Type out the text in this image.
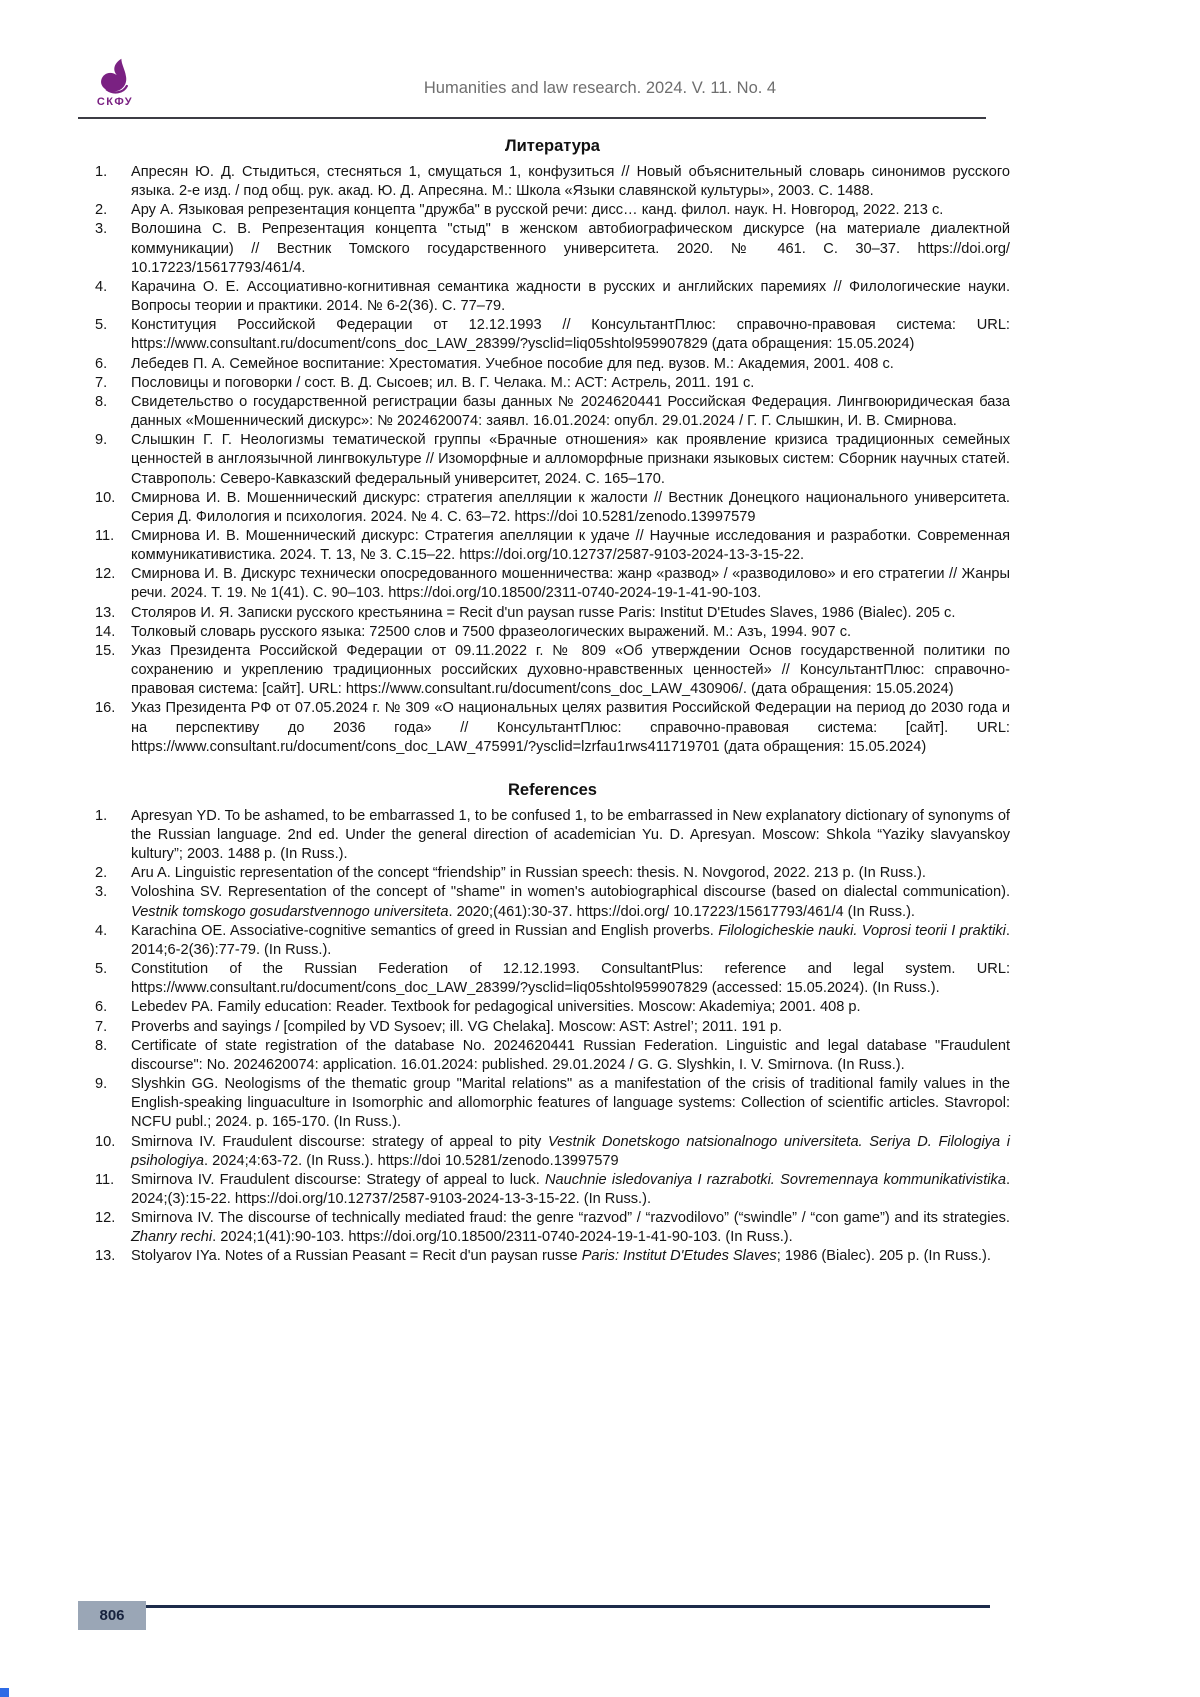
СКФУ
Humanities and law research. 2024. V. 11. No. 4
Литература
1. Апресян Ю. Д. Стыдиться, стесняться 1, смущаться 1, конфузиться // Новый объяснительный словарь синонимов русского языка. 2-е изд. / под общ. рук. акад. Ю. Д. Апресяна. М.: Школа «Языки славянской культуры», 2003. С. 1488.
2. Ару А. Языковая репрезентация концепта "дружба" в русской речи: дисс… канд. филол. наук. Н. Новгород, 2022. 213 с.
3. Волошина С. В. Репрезентация концепта "стыд" в женском автобиографическом дискурсе (на материале диалектной коммуникации) // Вестник Томского государственного университета. 2020. № 461. С. 30–37. https://doi.org/ 10.17223/15617793/461/4.
4. Карачина О. Е. Ассоциативно-когнитивная семантика жадности в русских и английских паремиях // Филологические науки. Вопросы теории и практики. 2014. № 6-2(36). С. 77–79.
5. Конституция Российской Федерации от 12.12.1993 // КонсультантПлюс: справочно-правовая система: URL: https://www.consultant.ru/document/cons_doc_LAW_28399/?ysclid=liq05shtol959907829 (дата обращения: 15.05.2024)
6. Лебедев П. А. Семейное воспитание: Хрестоматия. Учебное пособие для пед. вузов. М.: Академия, 2001. 408 с.
7. Пословицы и поговорки / сост. В. Д. Сысоев; ил. В. Г. Челака. М.: АСТ: Астрель, 2011. 191 с.
8. Свидетельство о государственной регистрации базы данных № 2024620441 Российская Федерация. Лингвоюридическая база данных «Мошеннический дискурс»: № 2024620074: заявл. 16.01.2024: опубл. 29.01.2024 / Г. Г. Слышкин, И. В. Смирнова.
9. Слышкин Г. Г. Неологизмы тематической группы «Брачные отношения» как проявление кризиса традиционных семейных ценностей в англоязычной лингвокультуре // Изоморфные и алломорфные признаки языковых систем: Сборник научных статей. Ставрополь: Северо-Кавказский федеральный университет, 2024. С. 165–170.
10. Смирнова И. В. Мошеннический дискурс: стратегия апелляции к жалости // Вестник Донецкого национального университета. Серия Д. Филология и психология. 2024. № 4. С. 63–72. https://doi 10.5281/zenodo.13997579
11. Смирнова И. В. Мошеннический дискурс: Стратегия апелляции к удаче // Научные исследования и разработки. Современная коммуникативистика. 2024. Т. 13, № 3. С.15–22. https://doi.org/10.12737/2587-9103-2024-13-3-15-22.
12. Смирнова И. В. Дискурс технически опосредованного мошенничества: жанр «развод» / «разводилово» и его стратегии // Жанры речи. 2024. Т. 19. № 1(41). С. 90–103. https://doi.org/10.18500/2311-0740-2024-19-1-41-90-103.
13. Столяров И. Я. Записки русского крестьянина = Recit d'un paysan russe Paris: Institut D'Etudes Slaves, 1986 (Bialec). 205 с.
14. Толковый словарь русского языка: 72500 слов и 7500 фразеологических выражений. М.: Азъ, 1994. 907 с.
15. Указ Президента Российской Федерации от 09.11.2022 г. № 809 «Об утверждении Основ государственной политики по сохранению и укреплению традиционных российских духовно-нравственных ценностей» // КонсультантПлюс: справочно-правовая система: [сайт]. URL: https://www.consultant.ru/document/cons_doc_LAW_430906/. (дата обращения: 15.05.2024)
16. Указ Президента РФ от 07.05.2024 г. № 309 «О национальных целях развития Российской Федерации на период до 2030 года и на перспективу до 2036 года» // КонсультантПлюс: справочно-правовая система: [сайт]. URL: https://www.consultant.ru/document/cons_doc_LAW_475991/?ysclid=lzrfau1rws411719701 (дата обращения: 15.05.2024)
References
1. Apresyan YD. To be ashamed, to be embarrassed 1, to be confused 1, to be embarrassed in New explanatory dictionary of synonyms of the Russian language. 2nd ed. Under the general direction of academician Yu. D. Apresyan. Moscow: Shkola “Yaziky slavyanskoy kultury”; 2003. 1488 p. (In Russ.).
2. Aru A. Linguistic representation of the concept “friendship” in Russian speech: thesis. N. Novgorod, 2022. 213 p. (In Russ.).
3. Voloshina SV. Representation of the concept of "shame" in women's autobiographical discourse (based on dialectal communication). Vestnik tomskogo gosudarstvennogo universiteta. 2020;(461):30-37. https://doi.org/ 10.17223/15617793/461/4 (In Russ.).
4. Karachina OE. Associative-cognitive semantics of greed in Russian and English proverbs. Filologicheskie nauki. Voprosi teorii I praktiki. 2014;6-2(36):77-79. (In Russ.).
5. Constitution of the Russian Federation of 12.12.1993. ConsultantPlus: reference and legal system. URL: https://www.consultant.ru/document/cons_doc_LAW_28399/?ysclid=liq05shtol959907829 (accessed: 15.05.2024). (In Russ.).
6. Lebedev PA. Family education: Reader. Textbook for pedagogical universities. Moscow: Akademiya; 2001. 408 p.
7. Proverbs and sayings / [compiled by VD Sysoev; ill. VG Chelaka]. Moscow: AST: Astrel’; 2011. 191 p.
8. Certificate of state registration of the database No. 2024620441 Russian Federation. Linguistic and legal database "Fraudulent discourse": No. 2024620074: application. 16.01.2024: published. 29.01.2024 / G. G. Slyshkin, I. V. Smirnova. (In Russ.).
9. Slyshkin GG. Neologisms of the thematic group "Marital relations" as a manifestation of the crisis of traditional family values in the English-speaking linguaculture in Isomorphic and allomorphic features of language systems: Collection of scientific articles. Stavropol: NCFU publ.; 2024. p. 165-170. (In Russ.).
10. Smirnova IV. Fraudulent discourse: strategy of appeal to pity Vestnik Donetskogo natsionalnogo universiteta. Seriya D. Filologiya i psihologiya. 2024;4:63-72. (In Russ.). https://doi 10.5281/zenodo.13997579
11. Smirnova IV. Fraudulent discourse: Strategy of appeal to luck. Nauchnie isledovaniya I razrabotki. Sovremennaya kommunikativistika. 2024;(3):15-22. https://doi.org/10.12737/2587-9103-2024-13-3-15-22. (In Russ.).
12. Smirnova IV. The discourse of technically mediated fraud: the genre “razvod” / “razvodilovo” (“swindle” / “con game”) and its strategies. Zhanry rechi. 2024;1(41):90-103. https://doi.org/10.18500/2311-0740-2024-19-1-41-90-103. (In Russ.).
13. Stolyarov IYa. Notes of a Russian Peasant = Recit d'un paysan russe Paris: Institut D'Etudes Slaves; 1986 (Bialec). 205 p. (In Russ.).
806
